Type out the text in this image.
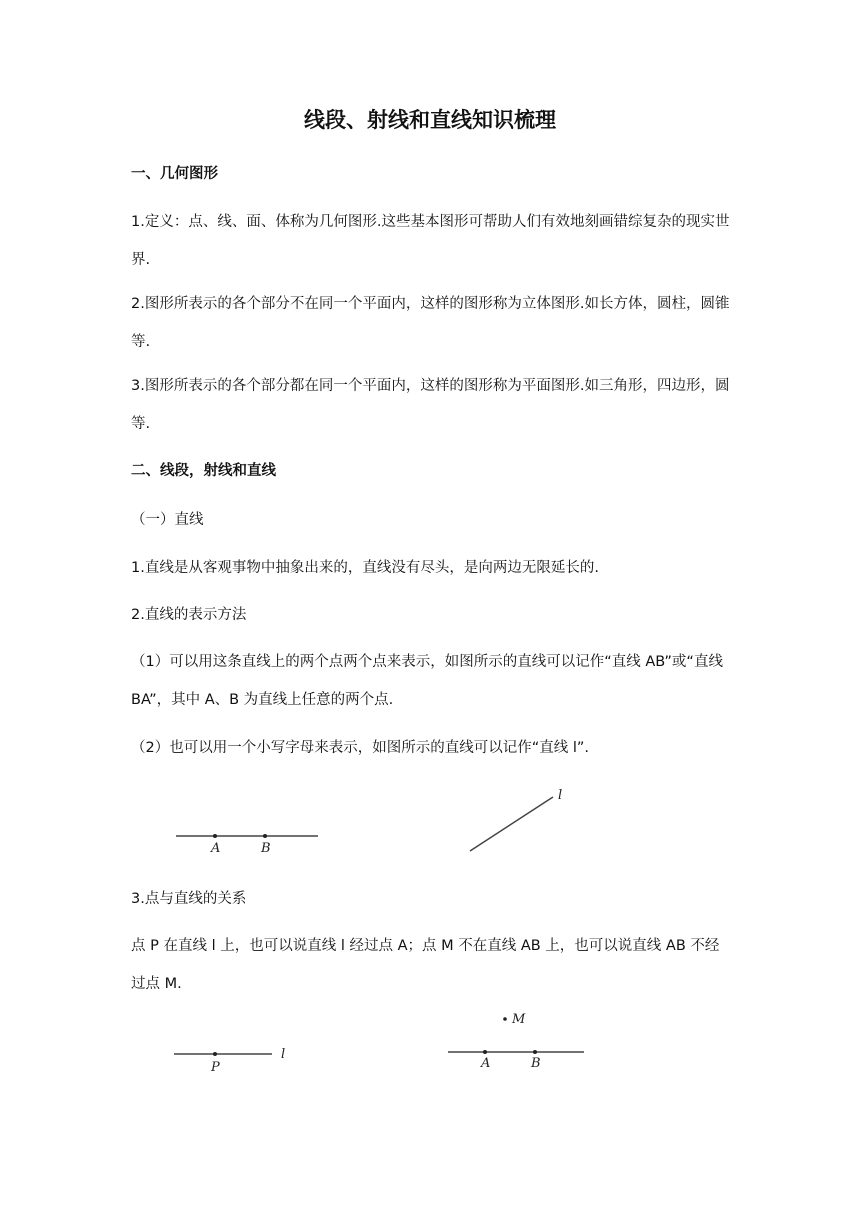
线段、射线和直线知识梳理
一、几何图形
1.定义：点、线、面、体称为几何图形.这些基本图形可帮助人们有效地刻画错综复杂的现实世界.
2.图形所表示的各个部分不在同一个平面内，这样的图形称为立体图形.如长方体，圆柱，圆锥等.
3.图形所表示的各个部分都在同一个平面内，这样的图形称为平面图形.如三角形，四边形，圆等.
二、线段，射线和直线
（一）直线
1.直线是从客观事物中抽象出来的，直线没有尽头，是向两边无限延长的.
2.直线的表示方法
（1）可以用这条直线上的两个点两个点来表示，如图所示的直线可以记作“直线 AB”或“直线 BA”，其中 A、B 为直线上任意的两个点.
（2）也可以用一个小写字母来表示，如图所示的直线可以记作“直线 l”.
A	B
l
3.点与直线的关系
点 P 在直线 l 上，也可以说直线 l 经过点 A；点 M 不在直线 AB 上，也可以说直线 AB 不经过点 M.
P
l
M
A	B
